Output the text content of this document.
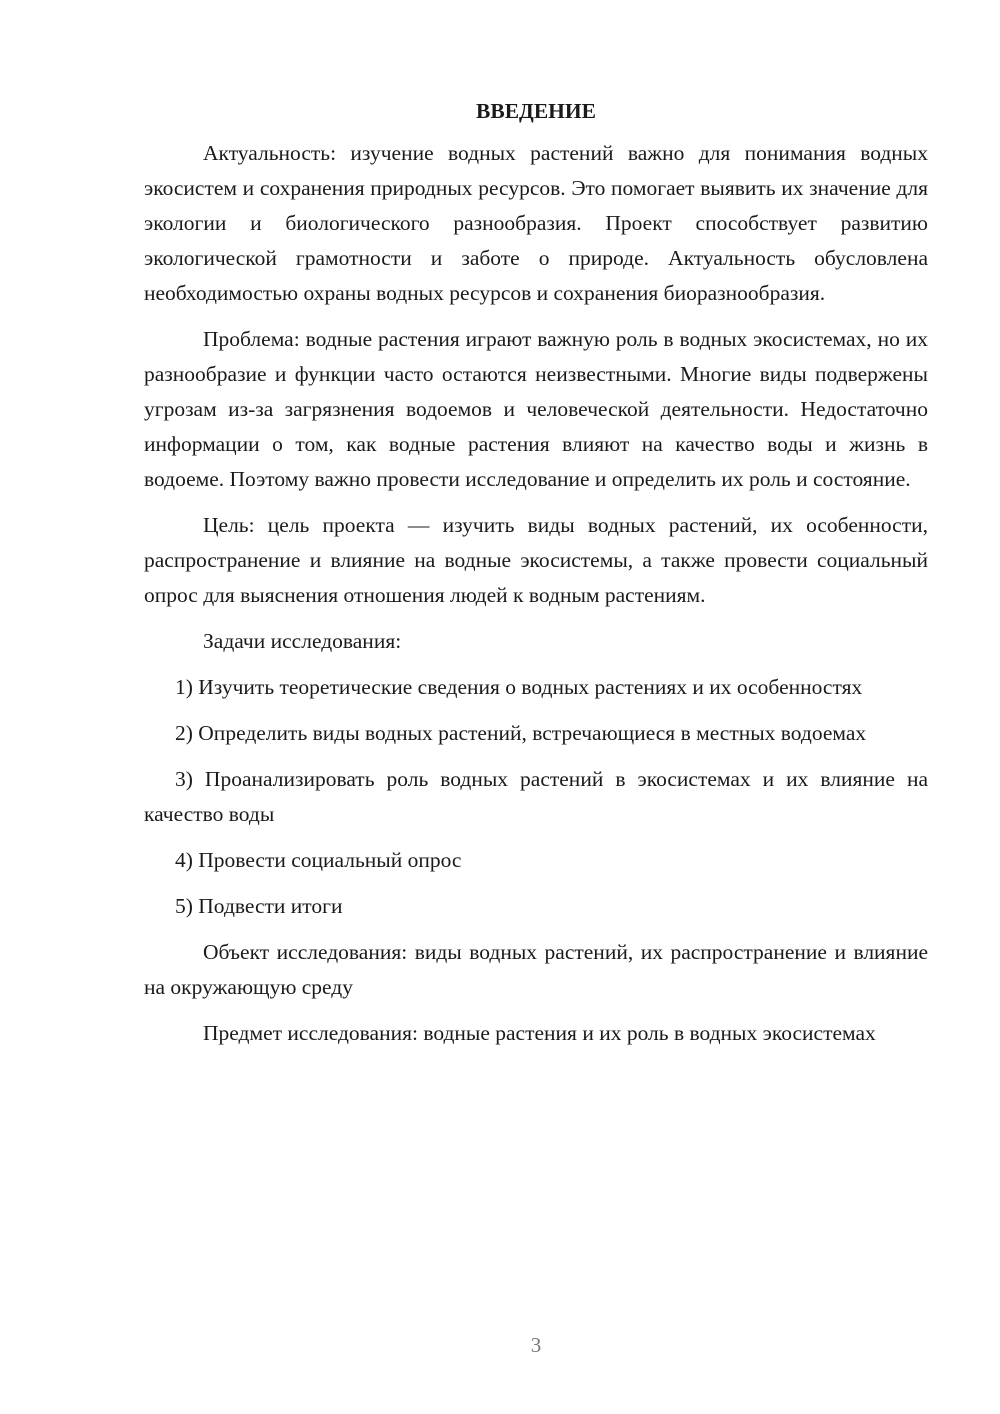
ВВЕДЕНИЕ

Актуальность: изучение водных растений важно для понимания водных экосистем и сохранения природных ресурсов. Это помогает выявить их значение для экологии и биологического разнообразия. Проект способствует развитию экологической грамотности и заботе о природе. Актуальность обусловлена необходимостью охраны водных ресурсов и сохранения биоразнообразия.

Проблема: водные растения играют важную роль в водных экосистемах, но их разнообразие и функции часто остаются неизвестными. Многие виды подвержены угрозам из-за загрязнения водоемов и человеческой деятельности. Недостаточно информации о том, как водные растения влияют на качество воды и жизнь в водоеме. Поэтому важно провести исследование и определить их роль и состояние.

Цель: цель проекта — изучить виды водных растений, их особенности, распространение и влияние на водные экосистемы, а также провести социальный опрос для выяснения отношения людей к водным растениям.

Задачи исследования:

1) Изучить теоретические сведения о водных растениях и их особенностях

2) Определить виды водных растений, встречающиеся в местных водоемах

3) Проанализировать роль водных растений в экосистемах и их влияние на качество воды

4) Провести социальный опрос

5) Подвести итоги

Объект исследования: виды водных растений, их распространение и влияние на окружающую среду

Предмет исследования: водные растения и их роль в водных экосистемах

3
